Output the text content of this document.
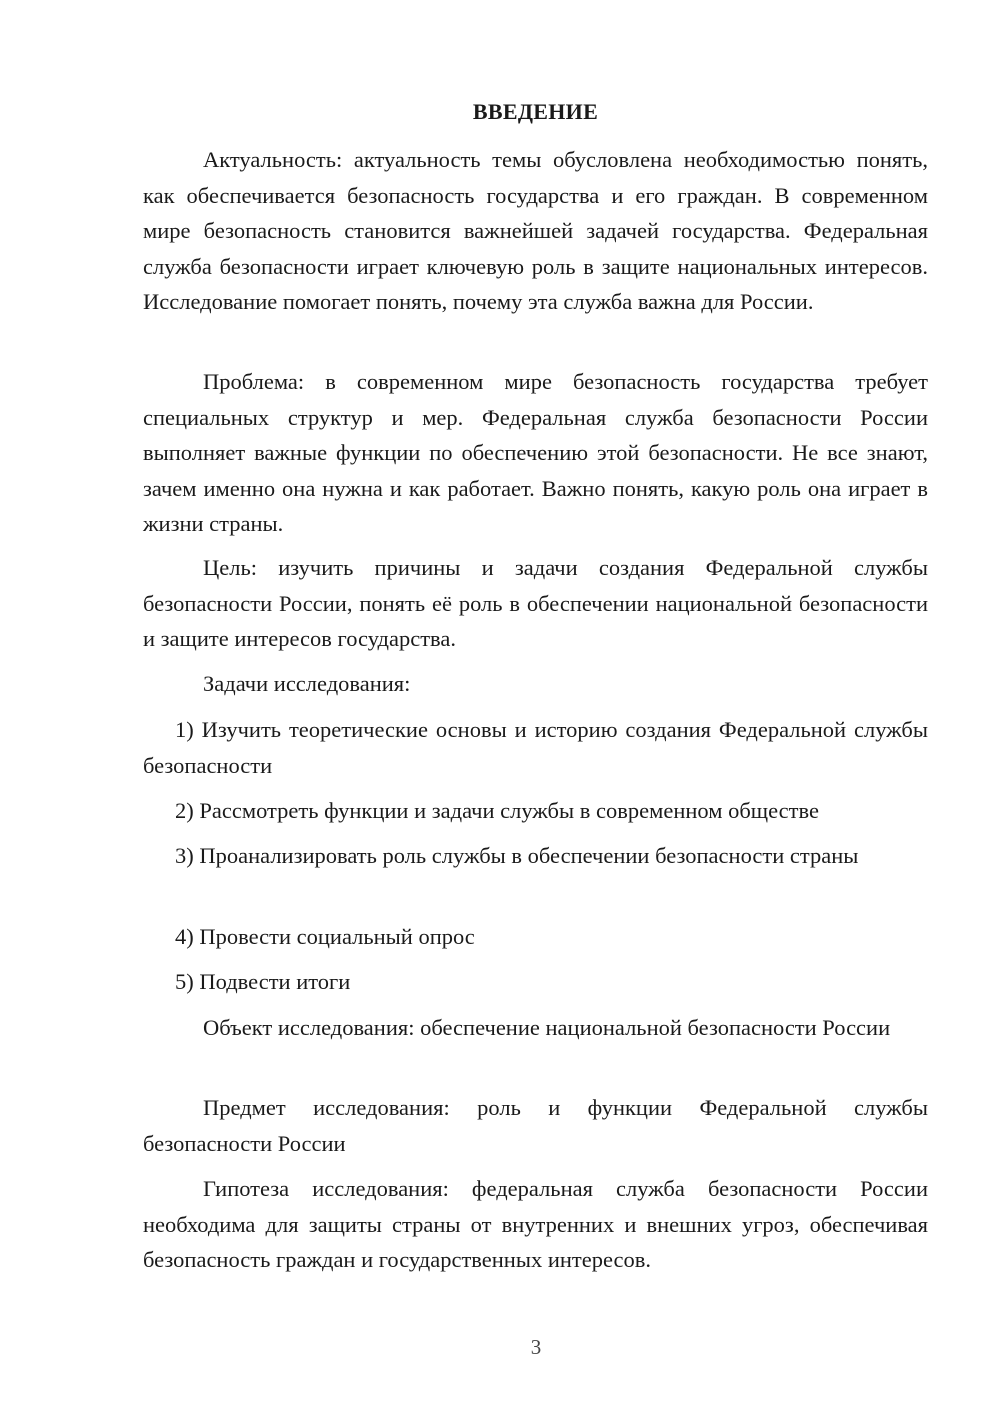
ВВЕДЕНИЕ

Актуальность: актуальность темы обусловлена необходимостью понять, как обеспечивается безопасность государства и его граждан. В современном мире безопасность становится важнейшей задачей государства. Федеральная служба безопасности играет ключевую роль в защите национальных интересов. Исследование помогает понять, почему эта служба важна для России.

Проблема: в современном мире безопасность государства требует специальных структур и мер. Федеральная служба безопасности России выполняет важные функции по обеспечению этой безопасности. Не все знают, зачем именно она нужна и как работает. Важно понять, какую роль она играет в жизни страны.

Цель: изучить причины и задачи создания Федеральной службы безопасности России, понять её роль в обеспечении национальной безопасности и защите интересов государства.

Задачи исследования:

1) Изучить теоретические основы и историю создания Федеральной службы безопасности

2) Рассмотреть функции и задачи службы в современном обществе

3) Проанализировать роль службы в обеспечении безопасности страны

4) Провести социальный опрос

5) Подвести итоги

Объект исследования: обеспечение национальной безопасности России

Предмет исследования: роль и функции Федеральной службы безопасности России

Гипотеза исследования: федеральная служба безопасности России необходима для защиты страны от внутренних и внешних угроз, обеспечивая безопасность граждан и государственных интересов.

3
